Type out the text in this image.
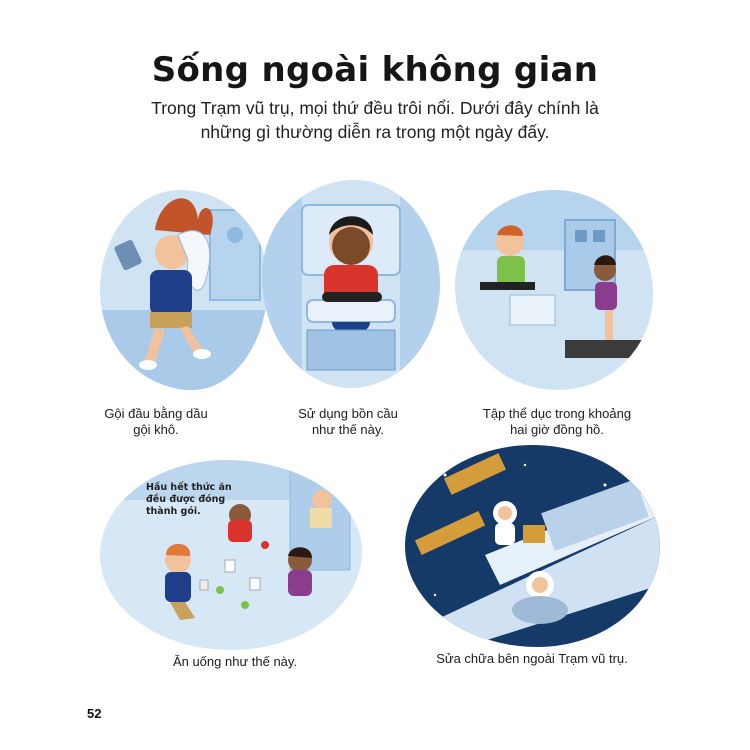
Sống ngoài không gian
Trong Trạm vũ trụ, mọi thứ đều trôi nổi. Dưới đây chính là những gì thường diễn ra trong một ngày đấy.
Gội đầu bằng dầu gội khô.
Sử dụng bồn cầu như thế này.
Tập thể dục trong khoảng hai giờ đồng hồ.
Hầu hết thức ăn đều được đóng thành gói.
Ăn uống như thế này.	Sửa chữa bên ngoài Trạm vũ trụ.
52
